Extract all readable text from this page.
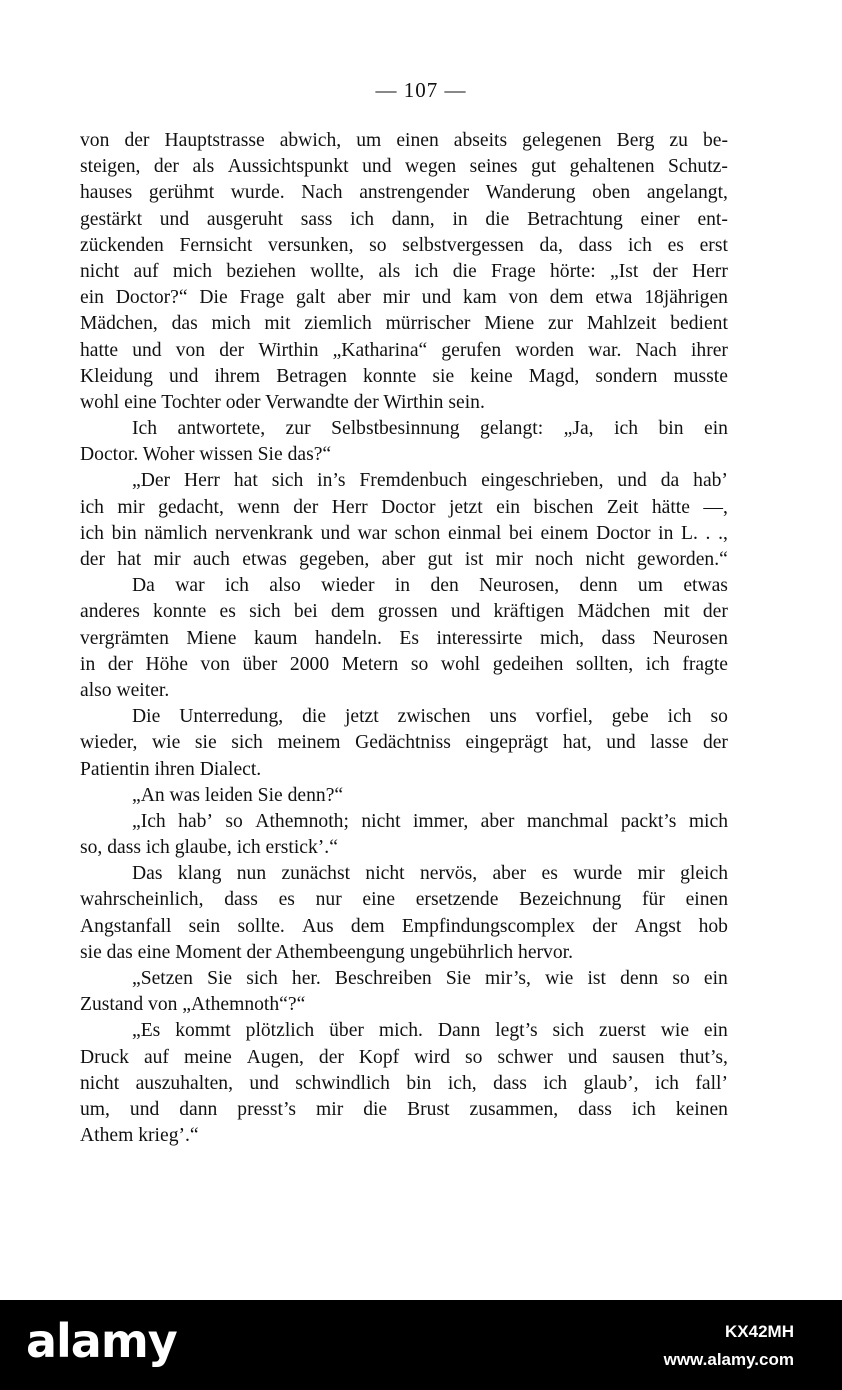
— 107 —
von der Hauptstrasse abwich, um einen abseits gelegenen Berg zu be-
steigen, der als Aussichtspunkt und wegen seines gut gehaltenen Schutz-
hauses gerühmt wurde. Nach anstrengender Wanderung oben angelangt,
gestärkt und ausgeruht sass ich dann, in die Betrachtung einer ent-
zückenden Fernsicht versunken, so selbstvergessen da, dass ich es erst
nicht auf mich beziehen wollte, als ich die Frage hörte: „Ist der Herr
ein Doctor?“ Die Frage galt aber mir und kam von dem etwa 18jährigen
Mädchen, das mich mit ziemlich mürrischer Miene zur Mahlzeit bedient
hatte und von der Wirthin „Katharina“ gerufen worden war. Nach ihrer
Kleidung und ihrem Betragen konnte sie keine Magd, sondern musste
wohl eine Tochter oder Verwandte der Wirthin sein.
Ich antwortete, zur Selbstbesinnung gelangt: „Ja, ich bin ein
Doctor. Woher wissen Sie das?“
„Der Herr hat sich in’s Fremdenbuch eingeschrieben, und da hab’
ich mir gedacht, wenn der Herr Doctor jetzt ein bischen Zeit hätte —,
ich bin nämlich nervenkrank und war schon einmal bei einem Doctor in L. . .,
der hat mir auch etwas gegeben, aber gut ist mir noch nicht geworden.“
Da war ich also wieder in den Neurosen, denn um etwas
anderes konnte es sich bei dem grossen und kräftigen Mädchen mit der
vergrämten Miene kaum handeln. Es interessirte mich, dass Neurosen
in der Höhe von über 2000 Metern so wohl gedeihen sollten, ich fragte
also weiter.
Die Unterredung, die jetzt zwischen uns vorfiel, gebe ich so
wieder, wie sie sich meinem Gedächtniss eingeprägt hat, und lasse der
Patientin ihren Dialect.
„An was leiden Sie denn?“
„Ich hab’ so Athemnoth; nicht immer, aber manchmal packt’s mich
so, dass ich glaube, ich erstick’.“
Das klang nun zunächst nicht nervös, aber es wurde mir gleich
wahrscheinlich, dass es nur eine ersetzende Bezeichnung für einen
Angstanfall sein sollte. Aus dem Empfindungscomplex der Angst hob
sie das eine Moment der Athembeengung ungebührlich hervor.
„Setzen Sie sich her. Beschreiben Sie mir’s, wie ist denn so ein
Zustand von „Athemnoth“?“
„Es kommt plötzlich über mich. Dann legt’s sich zuerst wie ein
Druck auf meine Augen, der Kopf wird so schwer und sausen thut’s,
nicht auszuhalten, und schwindlich bin ich, dass ich glaub’, ich fall’
um, und dann presst’s mir die Brust zusammen, dass ich keinen
Athem krieg’.“
alamy	KX42MH
www.alamy.com
